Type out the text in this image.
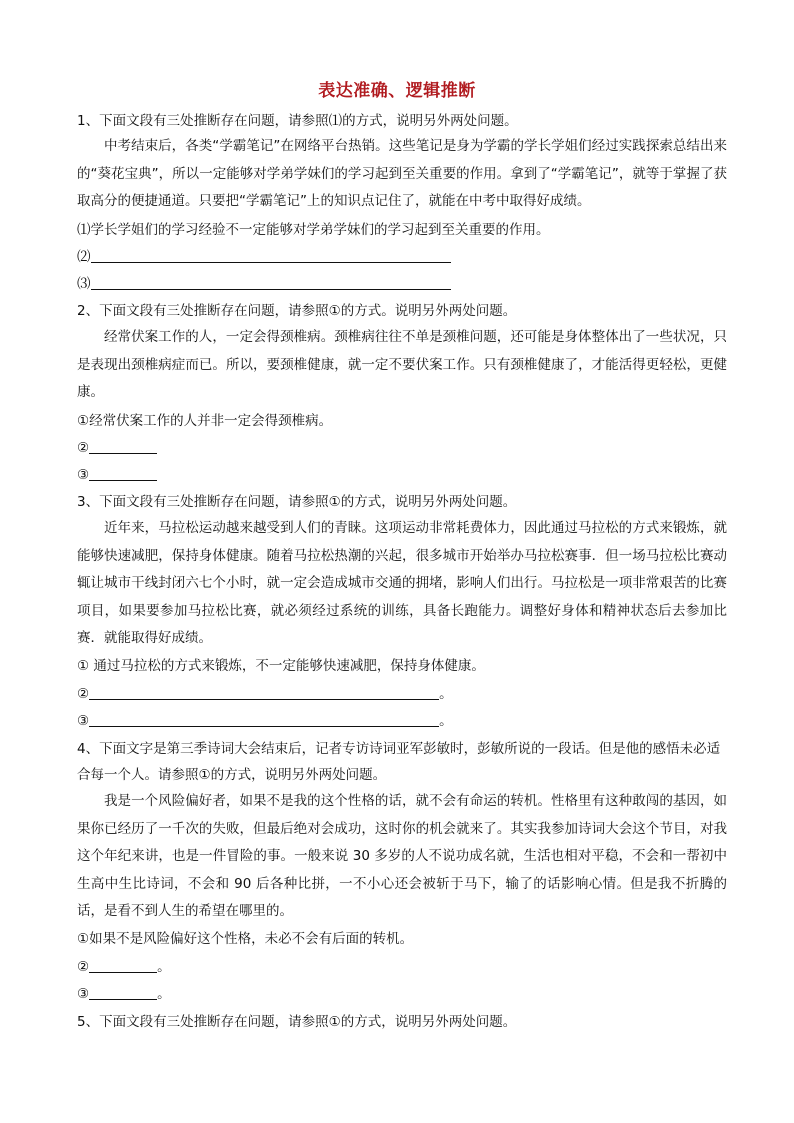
表达准确、逻辑推断
1、下面文段有三处推断存在问题，请参照⑴的方式，说明另外两处问题。
中考结束后，各类“学霸笔记”在网络平台热销。这些笔记是身为学霸的学长学姐们经过实践探索总结出来的“葵花宝典”，所以一定能够对学弟学妹们的学习起到至关重要的作用。拿到了“学霸笔记”，就等于掌握了获取高分的便捷通道。只要把“学霸笔记”上的知识点记住了，就能在中考中取得好成绩。
⑴学长学姐们的学习经验不一定能够对学弟学妹们的学习起到至关重要的作用。
⑵
⑶
2、下面文段有三处推断存在问题，请参照①的方式。说明另外两处问题。
经常伏案工作的人，一定会得颈椎病。颈椎病往往不单是颈椎问题，还可能是身体整体出了一些状况，只是表现出颈椎病症而已。所以，要颈椎健康，就一定不要伏案工作。只有颈椎健康了，才能活得更轻松，更健康。
①经常伏案工作的人并非一定会得颈椎病。
②
③
3、下面文段有三处推断存在问题，请参照①的方式，说明另外两处问题。
近年来，马拉松运动越来越受到人们的青睐。这项运动非常耗费体力，因此通过马拉松的方式来锻炼，就能够快速减肥，保持身体健康。随着马拉松热潮的兴起，很多城市开始举办马拉松赛事．但一场马拉松比赛动辄让城市干线封闭六七个小时，就一定会造成城市交通的拥堵，影响人们出行。马拉松是一项非常艰苦的比赛项目，如果要参加马拉松比赛，就必须经过系统的训练，具备长跑能力。调整好身体和精神状态后去参加比赛．就能取得好成绩。
① 通过马拉松的方式来锻炼，不一定能够快速减肥，保持身体健康。
②	。
③	。
4、下面文字是第三季诗词大会结束后，记者专访诗词亚军彭敏时，彭敏所说的一段话。但是他的感悟未必适
合每一个人。请参照①的方式，说明另外两处问题。
我是一个风险偏好者，如果不是我的这个性格的话，就不会有命运的转机。性格里有这种敢闯的基因，如果你已经历了一千次的失败，但最后绝对会成功，这时你的机会就来了。其实我参加诗词大会这个节目，对我这个年纪来讲，也是一件冒险的事。一般来说 30 多岁的人不说功成名就，生活也相对平稳，不会和一帮初中生高中生比诗词，不会和 90 后各种比拼，一不小心还会被斩于马下，输了的话影响心情。但是我不折腾的话，是看不到人生的希望在哪里的。
①如果不是风险偏好这个性格，未必不会有后面的转机。
②	。
③	。
5、下面文段有三处推断存在问题，请参照①的方式，说明另外两处问题。
